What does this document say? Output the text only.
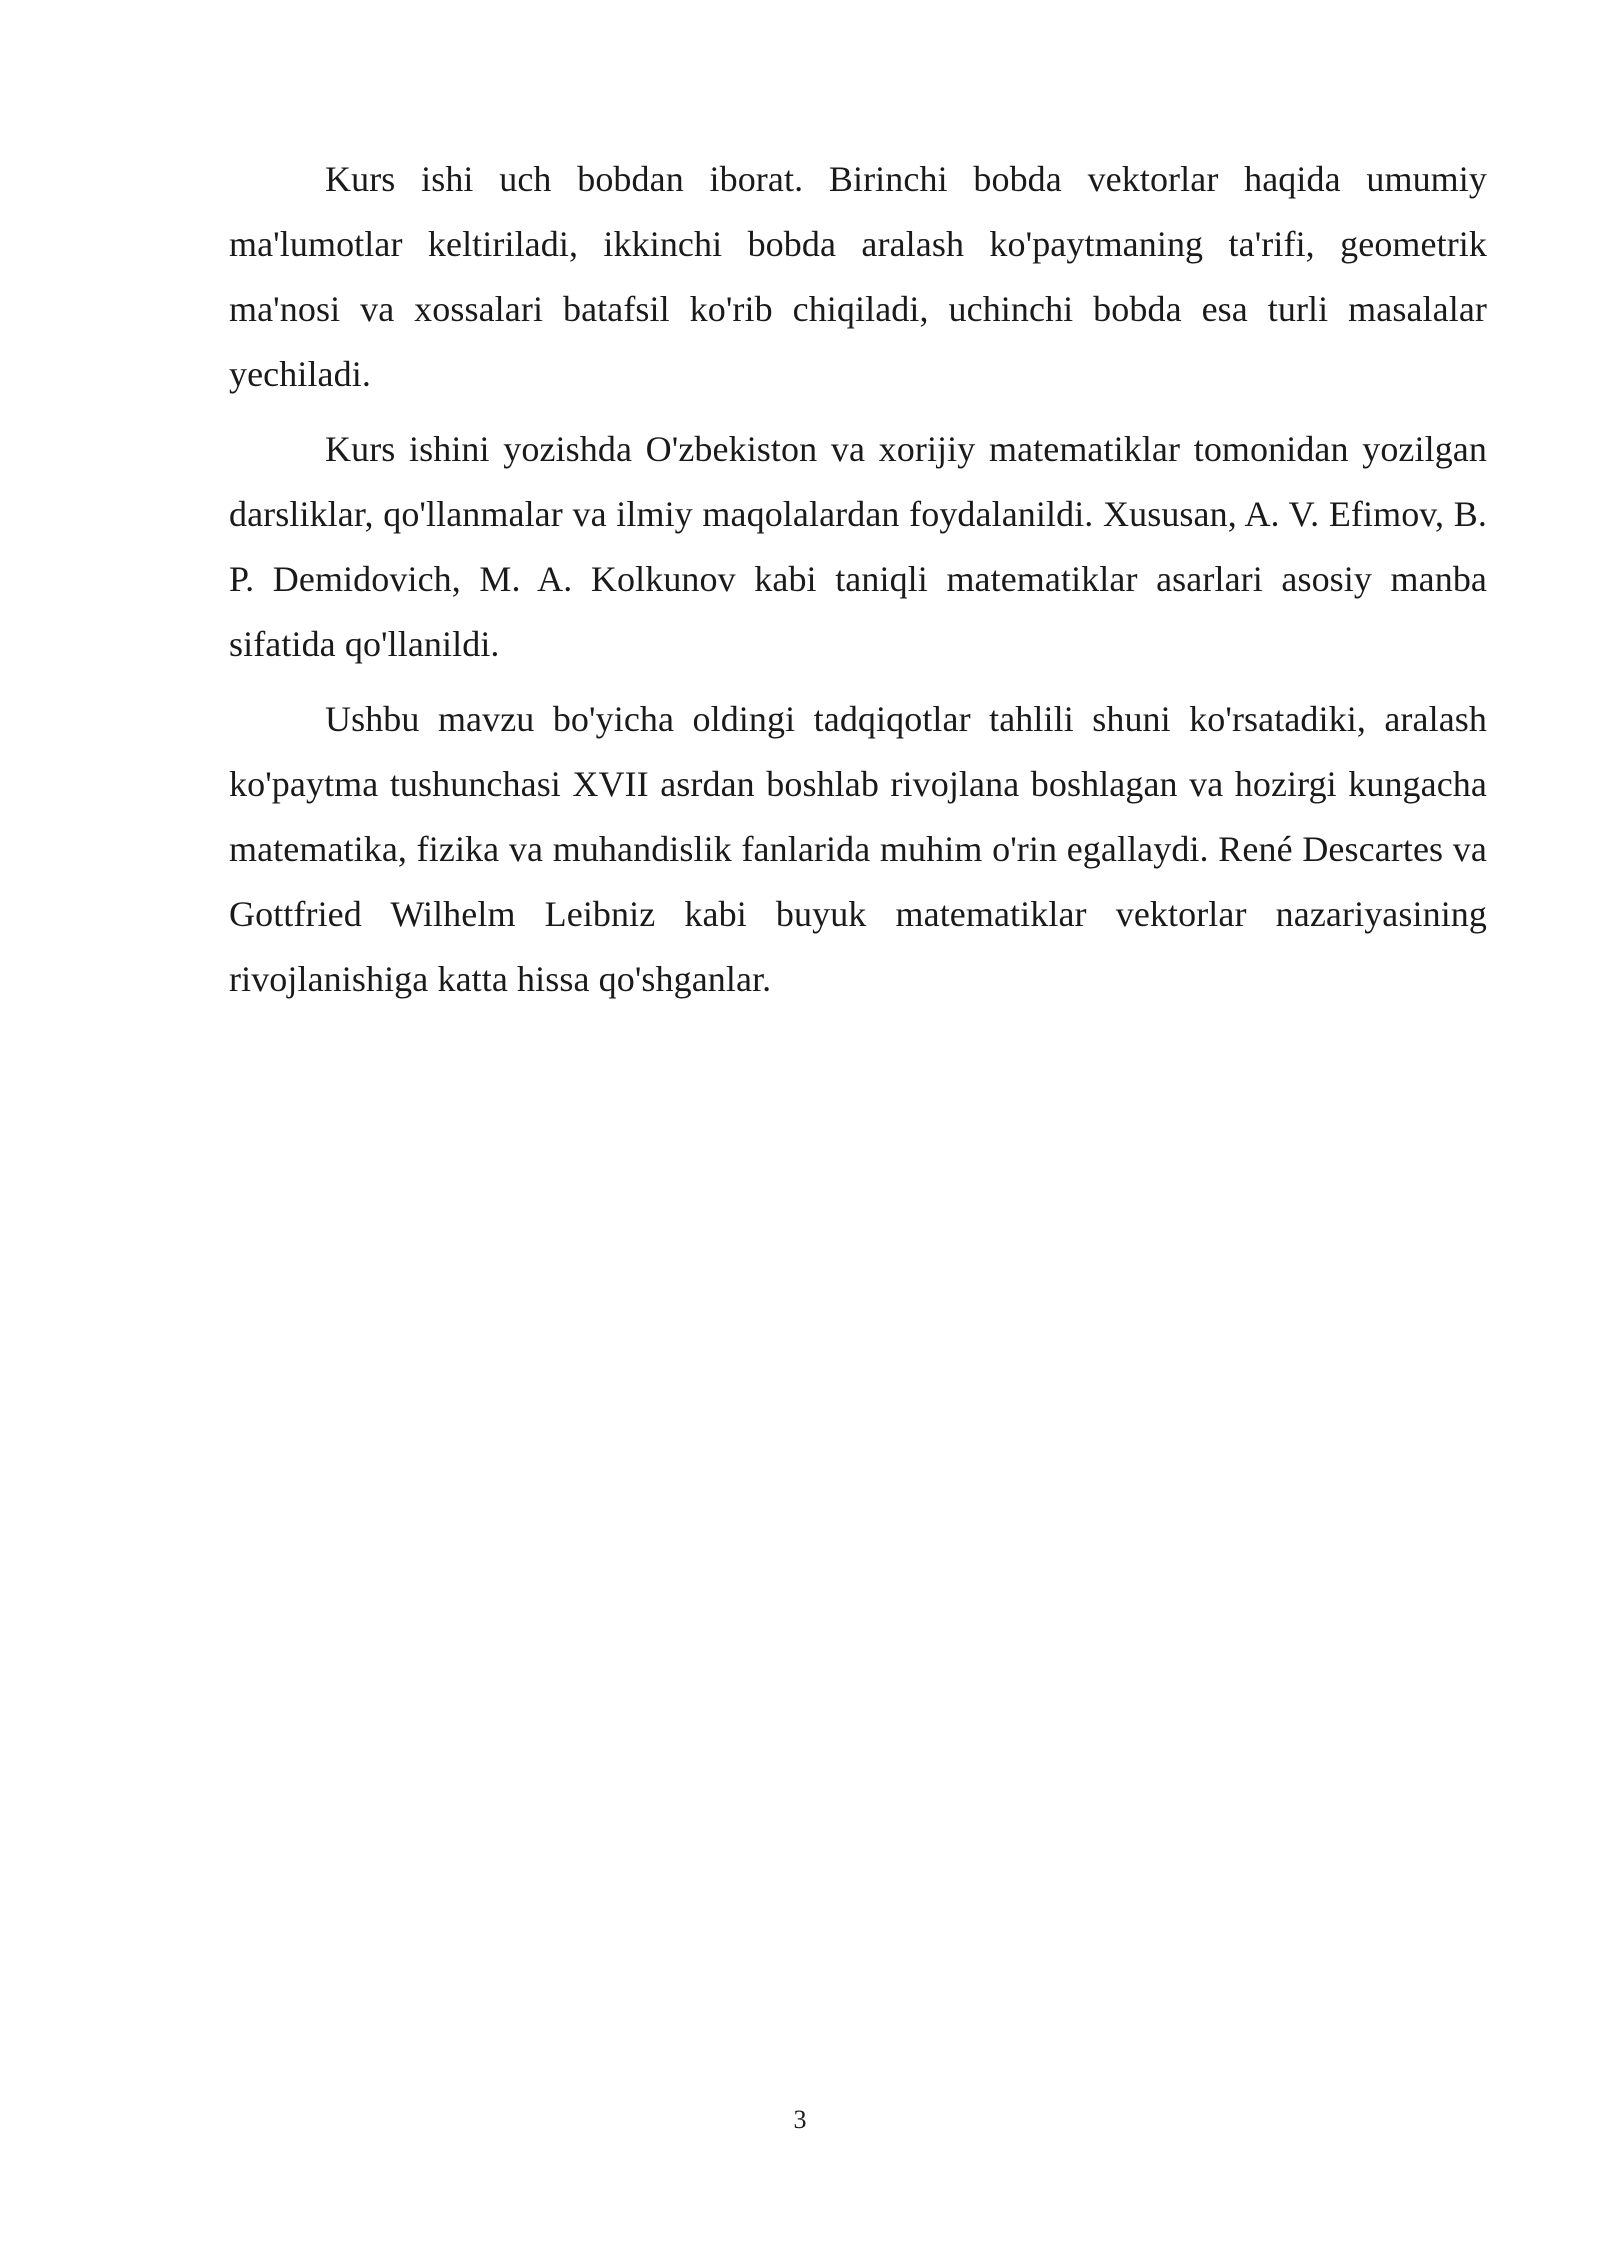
Kurs ishi uch bobdan iborat. Birinchi bobda vektorlar haqida umumiy ma'lumotlar keltiriladi, ikkinchi bobda aralash ko'paytmaning ta'rifi, geometrik ma'nosi va xossalari batafsil ko'rib chiqiladi, uchinchi bobda esa turli masalalar yechiladi.

Kurs ishini yozishda O'zbekiston va xorijiy matematiklar tomonidan yozilgan darsliklar, qo'llanmalar va ilmiy maqolalardan foydalanildi. Xususan, A. V. Efimov, B. P. Demidovich, M. A. Kolkunov kabi taniqli matematiklar asarlari asosiy manba sifatida qo'llanildi.

Ushbu mavzu bo'yicha oldingi tadqiqotlar tahlili shuni ko'rsatadiki, aralash ko'paytma tushunchasi XVII asrdan boshlab rivojlana boshlagan va hozirgi kungacha matematika, fizika va muhandislik fanlarida muhim o'rin egallaydi. René Descartes va Gottfried Wilhelm Leibniz kabi buyuk matematiklar vektorlar nazariyasining rivojlanishiga katta hissa qo'shganlar.

3
